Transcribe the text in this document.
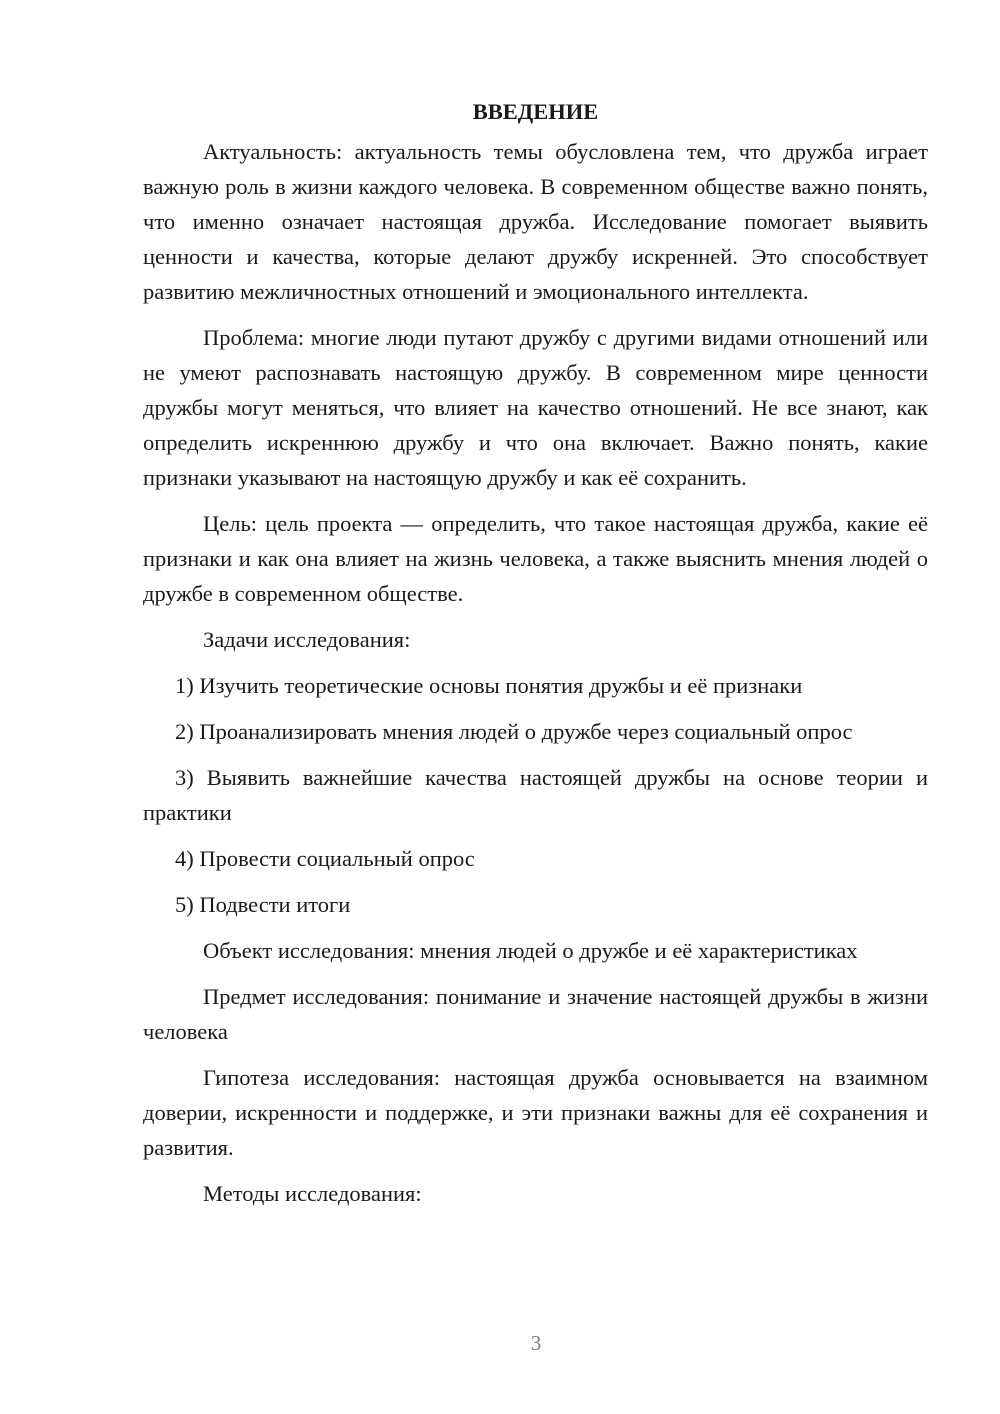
ВВЕДЕНИЕ

Актуальность: актуальность темы обусловлена тем, что дружба играет важную роль в жизни каждого человека. В современном обществе важно понять, что именно означает настоящая дружба. Исследование помогает выявить ценности и качества, которые делают дружбу искренней. Это способствует развитию межличностных отношений и эмоционального интеллекта.

Проблема: многие люди путают дружбу с другими видами отношений или не умеют распознавать настоящую дружбу. В современном мире ценности дружбы могут меняться, что влияет на качество отношений. Не все знают, как определить искреннюю дружбу и что она включает. Важно понять, какие признаки указывают на настоящую дружбу и как её сохранить.

Цель: цель проекта — определить, что такое настоящая дружба, какие её признаки и как она влияет на жизнь человека, а также выяснить мнения людей о дружбе в современном обществе.

Задачи исследования:

1) Изучить теоретические основы понятия дружбы и её признаки

2) Проанализировать мнения людей о дружбе через социальный опрос

3) Выявить важнейшие качества настоящей дружбы на основе теории и практики

4) Провести социальный опрос

5) Подвести итоги

Объект исследования: мнения людей о дружбе и её характеристиках

Предмет исследования: понимание и значение настоящей дружбы в жизни человека

Гипотеза исследования: настоящая дружба основывается на взаимном доверии, искренности и поддержке, и эти признаки важны для её сохранения и развития.

Методы исследования:

3
